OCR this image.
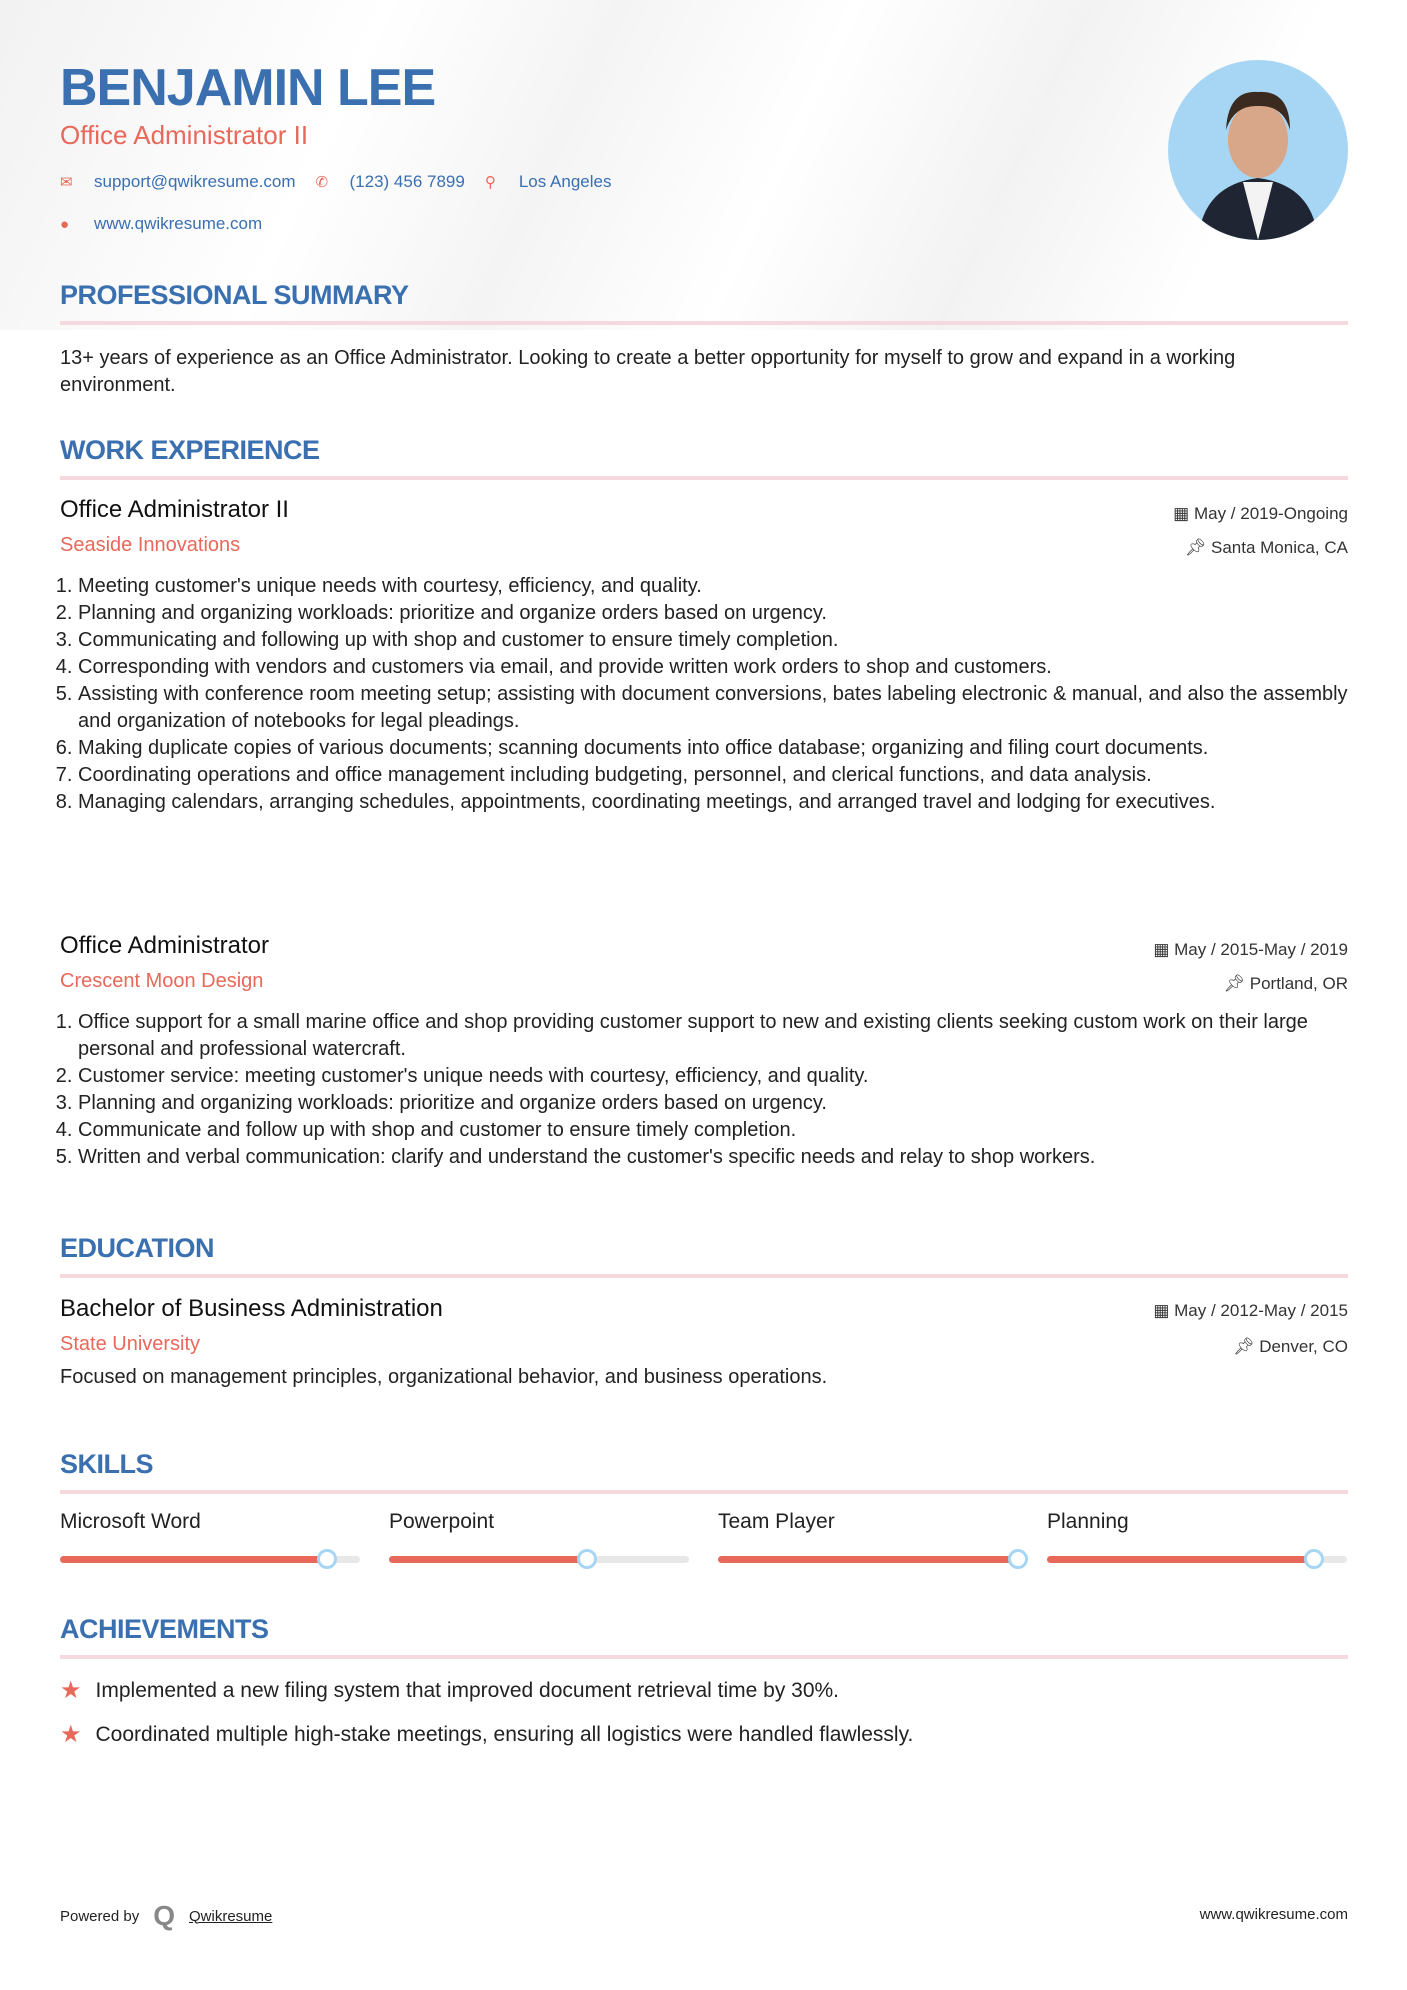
BENJAMIN LEE
Office Administrator II
✉	support@qwikresume.com ✆	(123) 456 7899 ⚲	Los Angeles
●	www.qwikresume.com
PROFESSIONAL SUMMARY

13+ years of experience as an Office Administrator. Looking to create a better opportunity for myself to grow and expand in a working environment.

WORK EXPERIENCE
Office Administrator II
Seaside Innovations
▦ May / 2019-Ongoing
📌︎ Santa Monica, CA
1. Meeting customer's unique needs with courtesy, efficiency, and quality.
2. Planning and organizing workloads: prioritize and organize orders based on urgency.
3. Communicating and following up with shop and customer to ensure timely completion.
4. Corresponding with vendors and customers via email, and provide written work orders to shop and customers.
5. Assisting with conference room meeting setup; assisting with document conversions, bates labeling electronic & manual, and also the assembly and organization of notebooks for legal pleadings.
6. Making duplicate copies of various documents; scanning documents into office database; organizing and filing court documents.
7. Coordinating operations and office management including budgeting, personnel, and clerical functions, and data analysis.
8. Managing calendars, arranging schedules, appointments, coordinating meetings, and arranged travel and lodging for executives.
Office Administrator
Crescent Moon Design
▦ May / 2015-May / 2019
📌︎ Portland, OR
1. Office support for a small marine office and shop providing customer support to new and existing clients seeking custom work on their large personal and professional watercraft.
2. Customer service: meeting customer's unique needs with courtesy, efficiency, and quality.
3. Planning and organizing workloads: prioritize and organize orders based on urgency.
4. Communicate and follow up with shop and customer to ensure timely completion.
5. Written and verbal communication: clarify and understand the customer's specific needs and relay to shop workers.
EDUCATION
Bachelor of Business Administration
State University
▦ May / 2012-May / 2015
📌︎ Denver, CO

Focused on management principles, organizational behavior, and business operations.

SKILLS
Microsoft Word	Powerpoint	Team Player	Planning
ACHIEVEMENTS
★ Implemented a new filing system that improved document retrieval time by 30%.
★ Coordinated multiple high-stake meetings, ensuring all logistics were handled flawlessly.
Powered by Q Qwikresume	www.qwikresume.com
